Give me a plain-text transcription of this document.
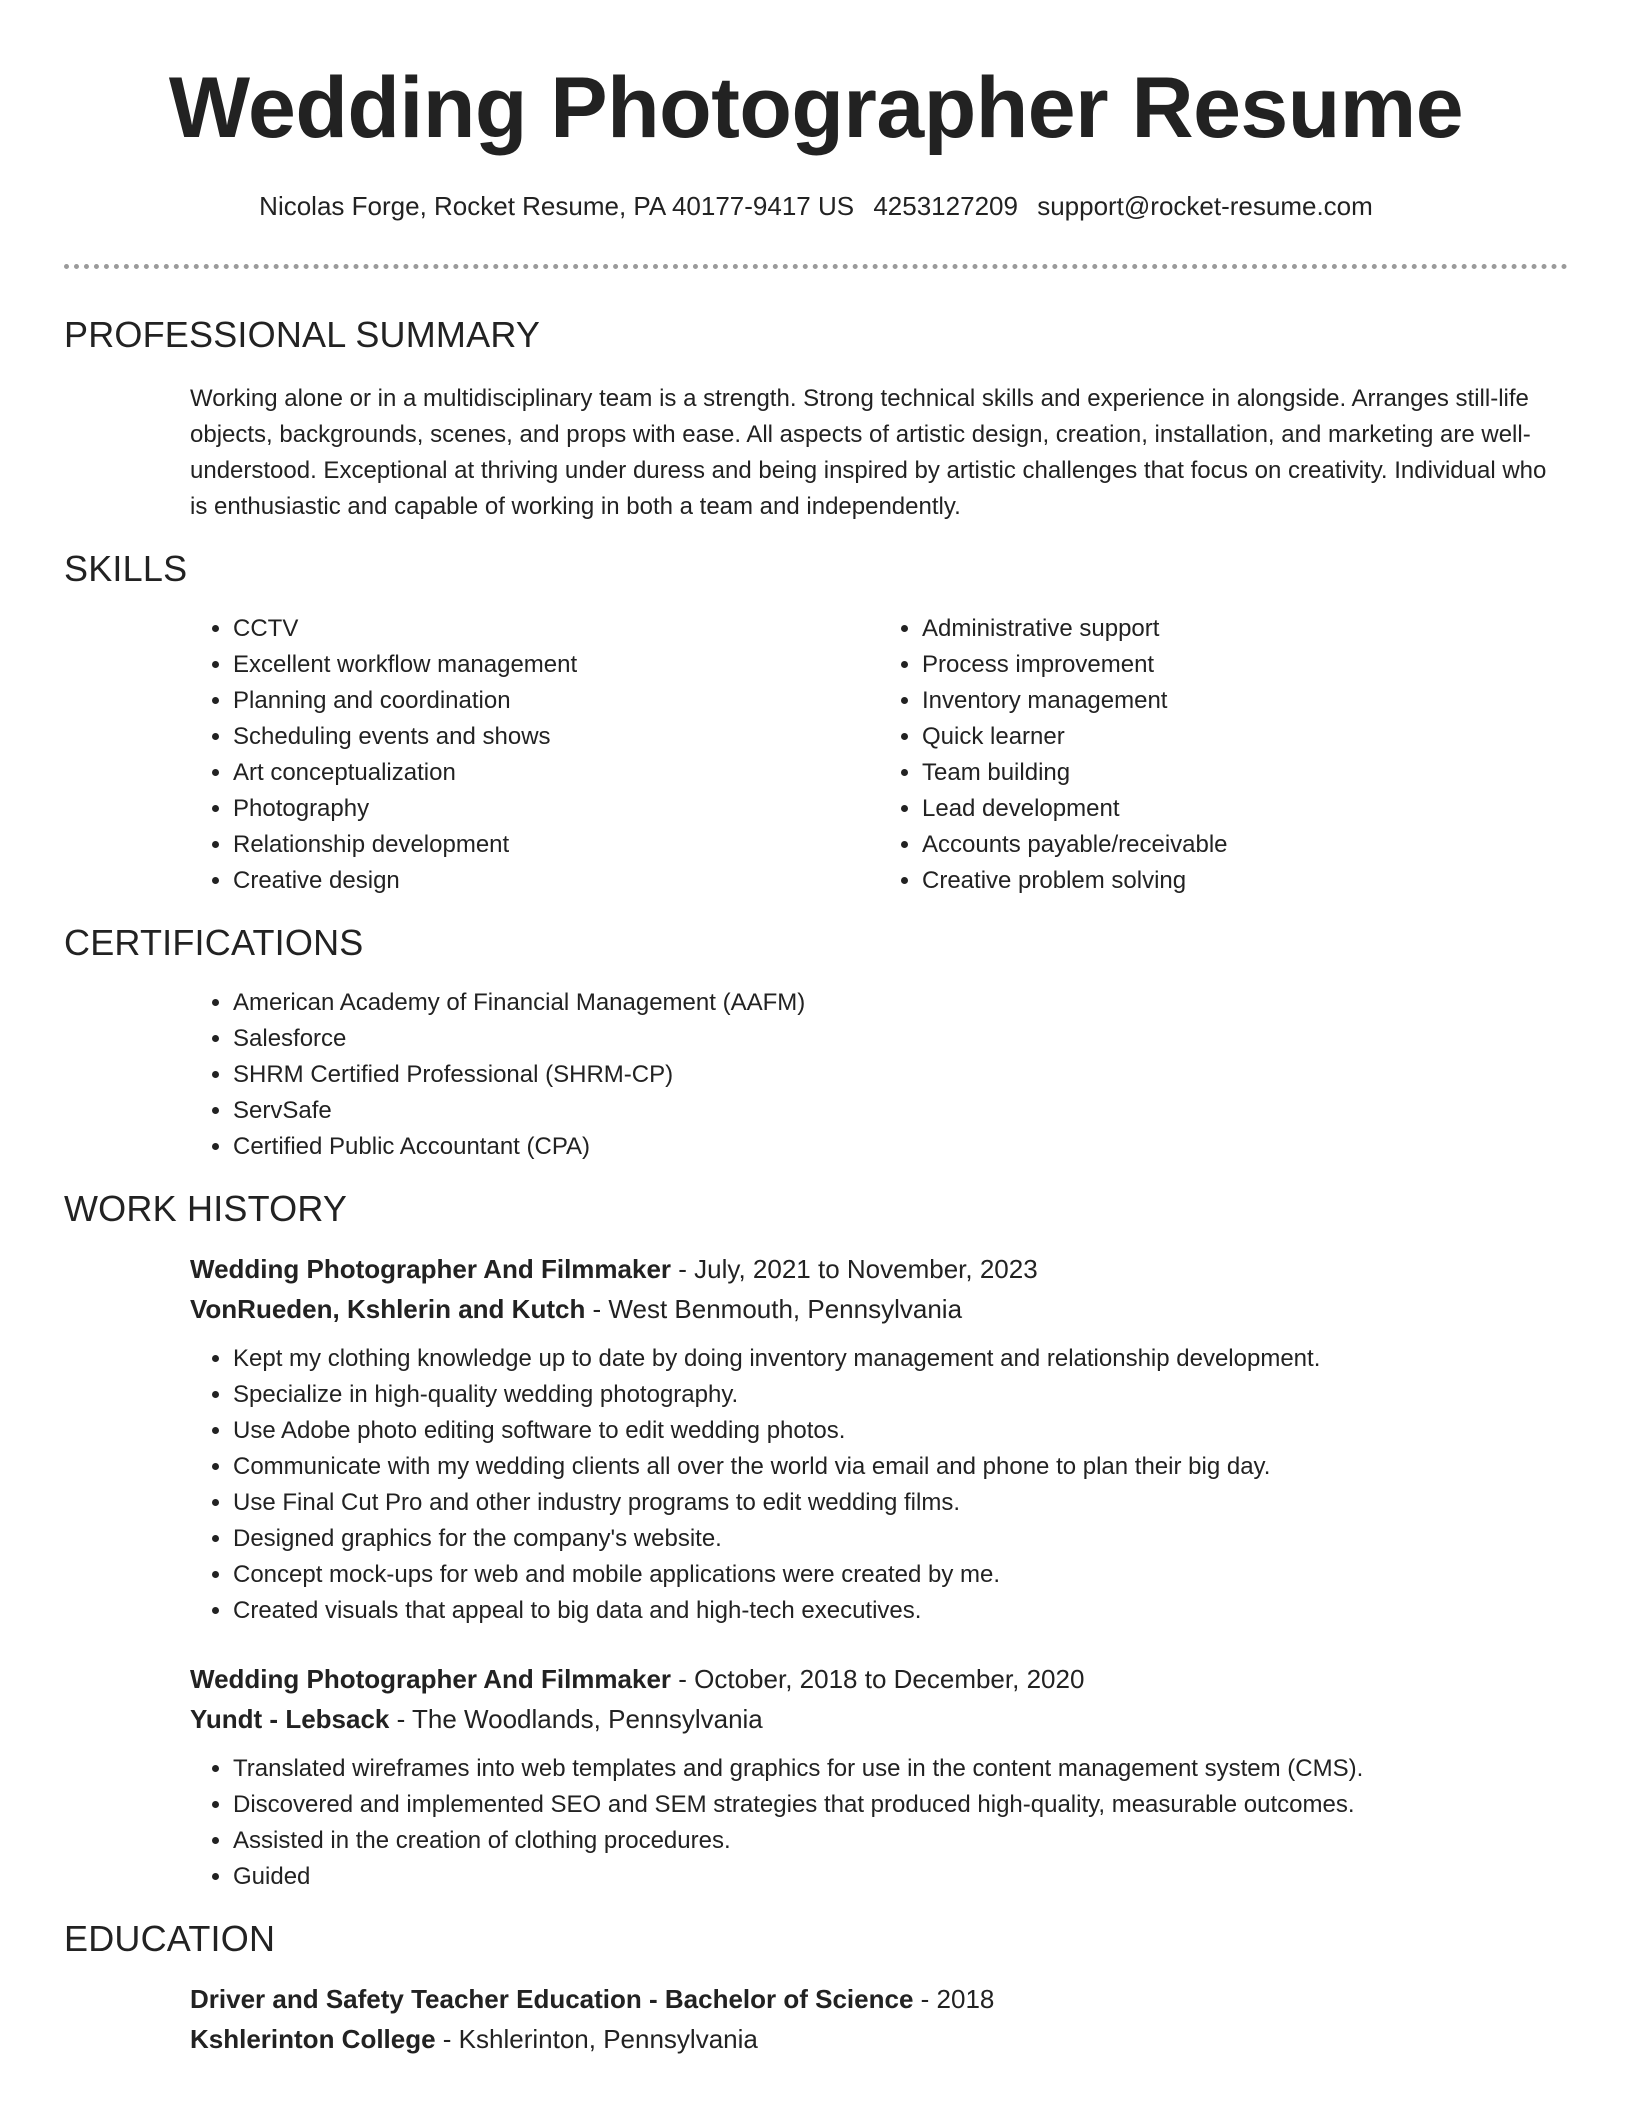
Wedding Photographer Resume
Nicolas Forge, Rocket Resume, PA 40177-9417 US 4253127209 support@rocket-resume.com
PROFESSIONAL SUMMARY

Working alone or in a multidisciplinary team is a strength. Strong technical skills and experience in alongside. Arranges still-life objects, backgrounds, scenes, and props with ease. All aspects of artistic design, creation, installation, and marketing are well-understood. Exceptional at thriving under duress and being inspired by artistic challenges that focus on creativity. Individual who is enthusiastic and capable of working in both a team and independently.

SKILLS
• CCTV
• Excellent workflow management
• Planning and coordination
• Scheduling events and shows
• Art conceptualization
• Photography
• Relationship development
• Creative design
• Administrative support
• Process improvement
• Inventory management
• Quick learner
• Team building
• Lead development
• Accounts payable/receivable
• Creative problem solving
CERTIFICATIONS
• American Academy of Financial Management (AAFM)
• Salesforce
• SHRM Certified Professional (SHRM-CP)
• ServSafe
• Certified Public Accountant (CPA)
WORK HISTORY
Wedding Photographer And Filmmaker - July, 2021 to November, 2023
VonRueden, Kshlerin and Kutch - West Benmouth, Pennsylvania
• Kept my clothing knowledge up to date by doing inventory management and relationship development.
• Specialize in high-quality wedding photography.
• Use Adobe photo editing software to edit wedding photos.
• Communicate with my wedding clients all over the world via email and phone to plan their big day.
• Use Final Cut Pro and other industry programs to edit wedding films.
• Designed graphics for the company's website.
• Concept mock-ups for web and mobile applications were created by me.
• Created visuals that appeal to big data and high-tech executives.
Wedding Photographer And Filmmaker - October, 2018 to December, 2020
Yundt - Lebsack - The Woodlands, Pennsylvania
• Translated wireframes into web templates and graphics for use in the content management system (CMS).
• Discovered and implemented SEO and SEM strategies that produced high-quality, measurable outcomes.
• Assisted in the creation of clothing procedures.
• Guided
EDUCATION
Driver and Safety Teacher Education - Bachelor of Science - 2018
Kshlerinton College - Kshlerinton, Pennsylvania
